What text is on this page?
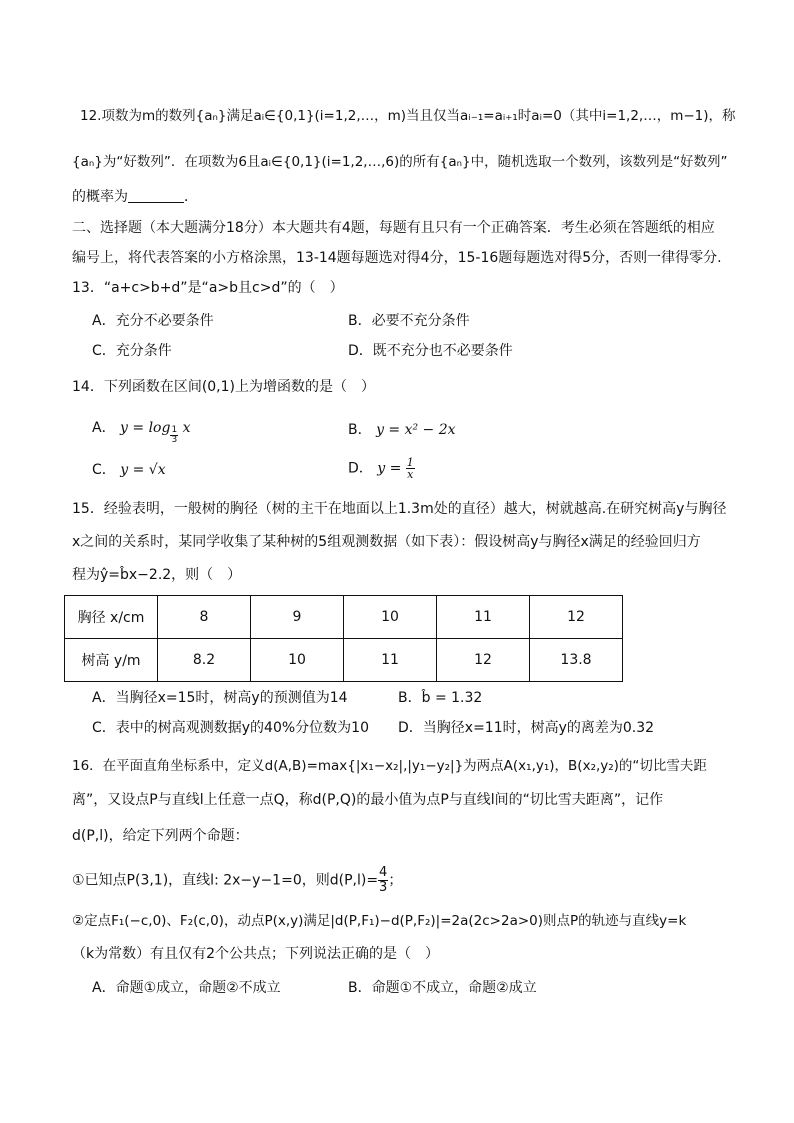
12.项数为m的数列{aₙ}满足aᵢ∈{0,1}(i=1,2,…，m)当且仅当aᵢ₋₁=aᵢ₊₁时aᵢ=0（其中i=1,2,…，m−1)，称
{aₙ}为“好数列”．在项数为6且aᵢ∈{0,1}(i=1,2,…,6)的所有{aₙ}中，随机选取一个数列，该数列是“好数列”
的概率为	．
二、选择题（本大题满分18分）本大题共有4题，每题有且只有一个正确答案．考生必须在答题纸的相应
编号上，将代表答案的小方格涂黑，13-14题每题选对得4分，15-16题每题选对得5分，否则一律得零分.
13．“a+c>b+d”是“a>b且c>d”的（　）
A．充分不必要条件	B．必要不充分条件
C．充分条件	D．既不充分也不必要条件
14．下列函数在区间(0,1)上为增函数的是（　）
A． $y = \log \frac{1}{3}$ x	B． y = x² − 2x
C． y = √x	D． $y = \frac{1}{x}$
15．经验表明，一般树的胸径（树的主干在地面以上1.3m处的直径）越大，树就越高.在研究树高y与胸径
x之间的关系时，某同学收集了某种树的5组观测数据（如下表）：假设树高y与胸径x满足的经验回归方
程为ŷ=b̂x−2.2，则（　）
胸径 x/cm	8	9	10	11	12
树高 y/m	8.2	10	11	12	13.8
A．当胸径x=15时，树高y的预测值为14	B．b̂ = 1.32
C．表中的树高观测数据y的40%分位数为10 D．当胸径x=11时，树高y的离差为0.32
16．在平面直角坐标系中，定义d(A,B)=max{|x₁−x₂|,|y₁−y₂|}为两点A(x₁,y₁)，B(x₂,y₂)的“切比雪夫距
离”，又设点P与直线l上任意一点Q，称d(P,Q)的最小值为点P与直线l间的“切比雪夫距离”，记作
d(P,l)，给定下列两个命题：
①已知点P(3,1)，直线l: 2x−y−1=0，则$d(P,l)= \frac{4}{3}$ ；
②定点F₁(−c,0)、F₂(c,0)，动点P(x,y)满足|d(P,F₁)−d(P,F₂)|=2a(2c>2a>0)则点P的轨迹与直线y=k
（k为常数）有且仅有2个公共点；下列说法正确的是（　）
A．命题①成立，命题②不成立	B．命题①不成立，命题②成立
